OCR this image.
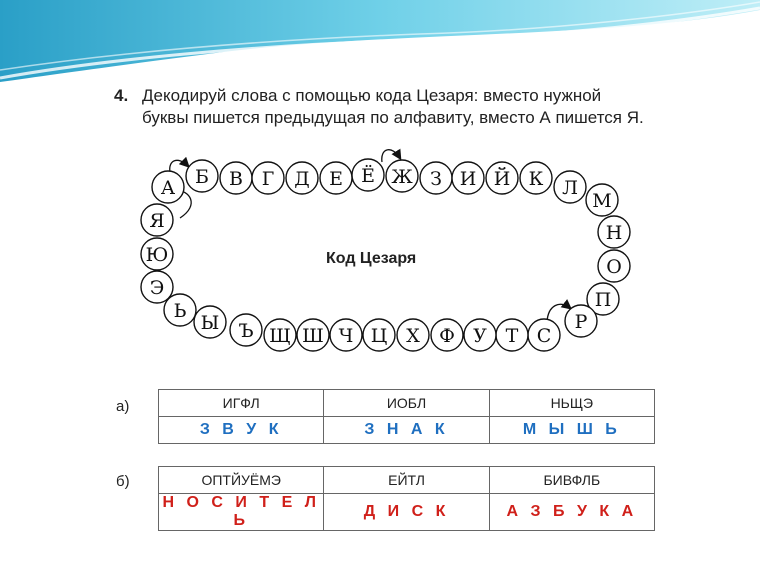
4. Декодируй слова с помощью кода Цезаря: вместо нужной
буквы пишется предыдущая по алфавиту, вместо А пишется Я.
А Б В Г Д Е Ё Ж З И Й К Л
М
Н
О
П
Р
С
Т
У
Ф
Х
Ц
Ч
Ш
Щ
Ъ
Ы
Ь
Э
Ю
Я
Код Цезаря
а)	ИГФЛ	ИОБЛ	НЬЩЭ
З В У К	З Н А К	М Ы Ш Ь
б)	ОПТЙУЁМЭ	ЕЙТЛ	БИВФЛБ
Н О С И Т Е Л Ь	Д И С К	А З Б У К А
